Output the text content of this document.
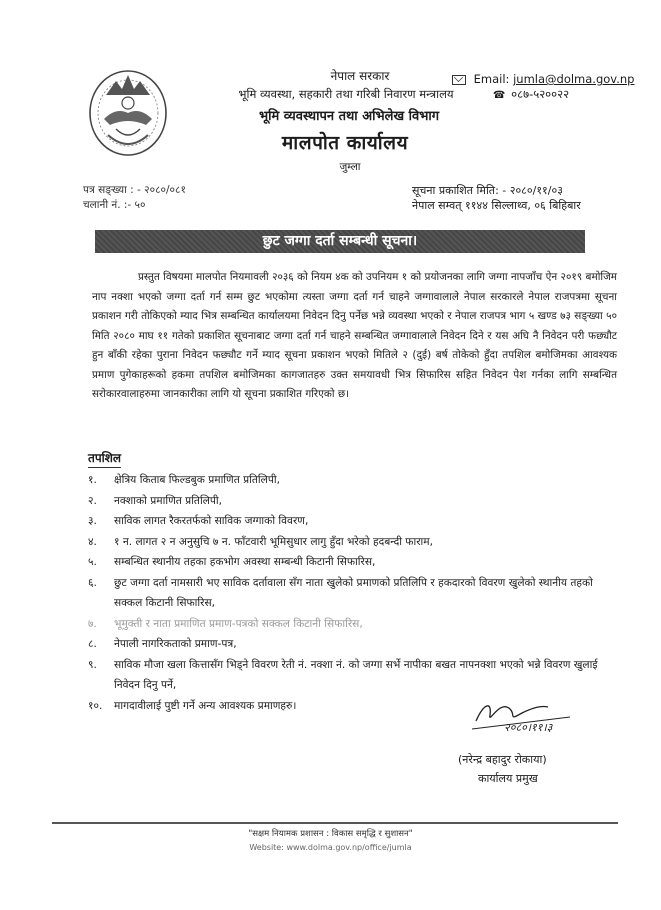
नेपाल सरकार
भूमि व्यवस्था, सहकारी तथा गरिबी निवारण मन्त्रालय
भूमि व्यवस्थापन तथा अभिलेख विभाग
मालपोत कार्यालय
जुम्ला
Email: jumla@dolma.gov.np
☎ ०८७-५२००२२
पत्र सङ्ख्या : - २०८०/०८१
चलानी नं. :- ५०
सूचना प्रकाशित मिति: - २०८०/११/०३
नेपाल सम्वत् ११४४ सिल्लाथ्व, ०६ बिहिबार
छुट जग्गा दर्ता सम्बन्धी सूचना।
प्रस्तुत विषयमा मालपोत नियमावली २०३६ को नियम ४क को उपनियम १ को प्रयोजनका लागि जग्गा नापजाँच ऐन २०१९ बमोजिम नाप नक्शा भएको जग्गा दर्ता गर्न सम्म छुट भएकोमा त्यस्ता जग्गा दर्ता गर्न चाहने जग्गावालाले नेपाल सरकारले नेपाल राजपत्रमा सूचना प्रकाशन गरी तोकिएको म्याद भित्र सम्बन्धित कार्यालयमा निवेदन दिनु पर्नेछ भन्ने व्यवस्था भएको र नेपाल राजपत्र भाग ५ खण्ड ७३ सङ्ख्या ५० मिति २०८० माघ ११ गतेको प्रकाशित सूचनाबाट जग्गा दर्ता गर्न चाहने सम्बन्धित जग्गावालाले निवेदन दिने र यस अघि नै निवेदन परी फछ्यौट हुन बाँकी रहेका पुराना निवेदन फछ्यौट गर्ने म्याद सूचना प्रकाशन भएको मितिले २ (दुई) बर्ष तोकेको हुँदा तपशिल बमोजिमका आवश्यक प्रमाण पुगेकाहरूको हकमा तपशिल बमोजिमका कागजातहरु उक्त समयावधी भित्र सिफारिस सहित निवेदन पेश गर्नका लागि सम्बन्धित सरोकारवालाहरुमा जानकारीका लागि यो सूचना प्रकाशित गरिएको छ।
तपशिल
१.	क्षेत्रिय किताब फिल्डबुक प्रमाणित प्रतिलिपी,
२.	नक्शाको प्रमाणित प्रतिलिपी,
३.	साविक लागत रैकरतर्फको साविक जग्गाको विवरण,
४.	१ न. लागत २ न अनुसुचि ७ न. फाँटवारी भूमिसुधार लागु हुँदा भरेको हदबन्दी फाराम,
५.	सम्बन्धित स्थानीय तहका हकभोग अवस्था सम्बन्धी किटानी सिफारिस,
६.	छुट जग्गा दर्ता नामसारी भए साविक दर्तावाला सँग नाता खुलेको प्रमाणको प्रतिलिपि र हकदारको विवरण खुलेको स्थानीय तहको सक्कल किटानी सिफारिस,
७.	भूमुक्ती र नाता प्रमाणित प्रमाण-पत्रको सक्कल किटानी सिफारिस,
८.	नेपाली नागरिकताको प्रमाण-पत्र,
९.	साविक मौजा खला कित्तासँग भिड्ने विवरण रेती नं. नक्शा नं. को जग्गा सर्भे नापीका बखत नापनक्शा भएको भन्ने विवरण खुलाई निवेदन दिनु पर्ने,
१०.	मागदावीलाई पुष्टी गर्ने अन्य आवश्यक प्रमाणहरु।
२०८०।११।३
(नरेन्द्र बहादुर रोकाया)
कार्यालय प्रमुख
"सक्षम नियामक प्रशासन : विकास समृद्धि र सुशासन"
Website: www.dolma.gov.np/office/jumla
